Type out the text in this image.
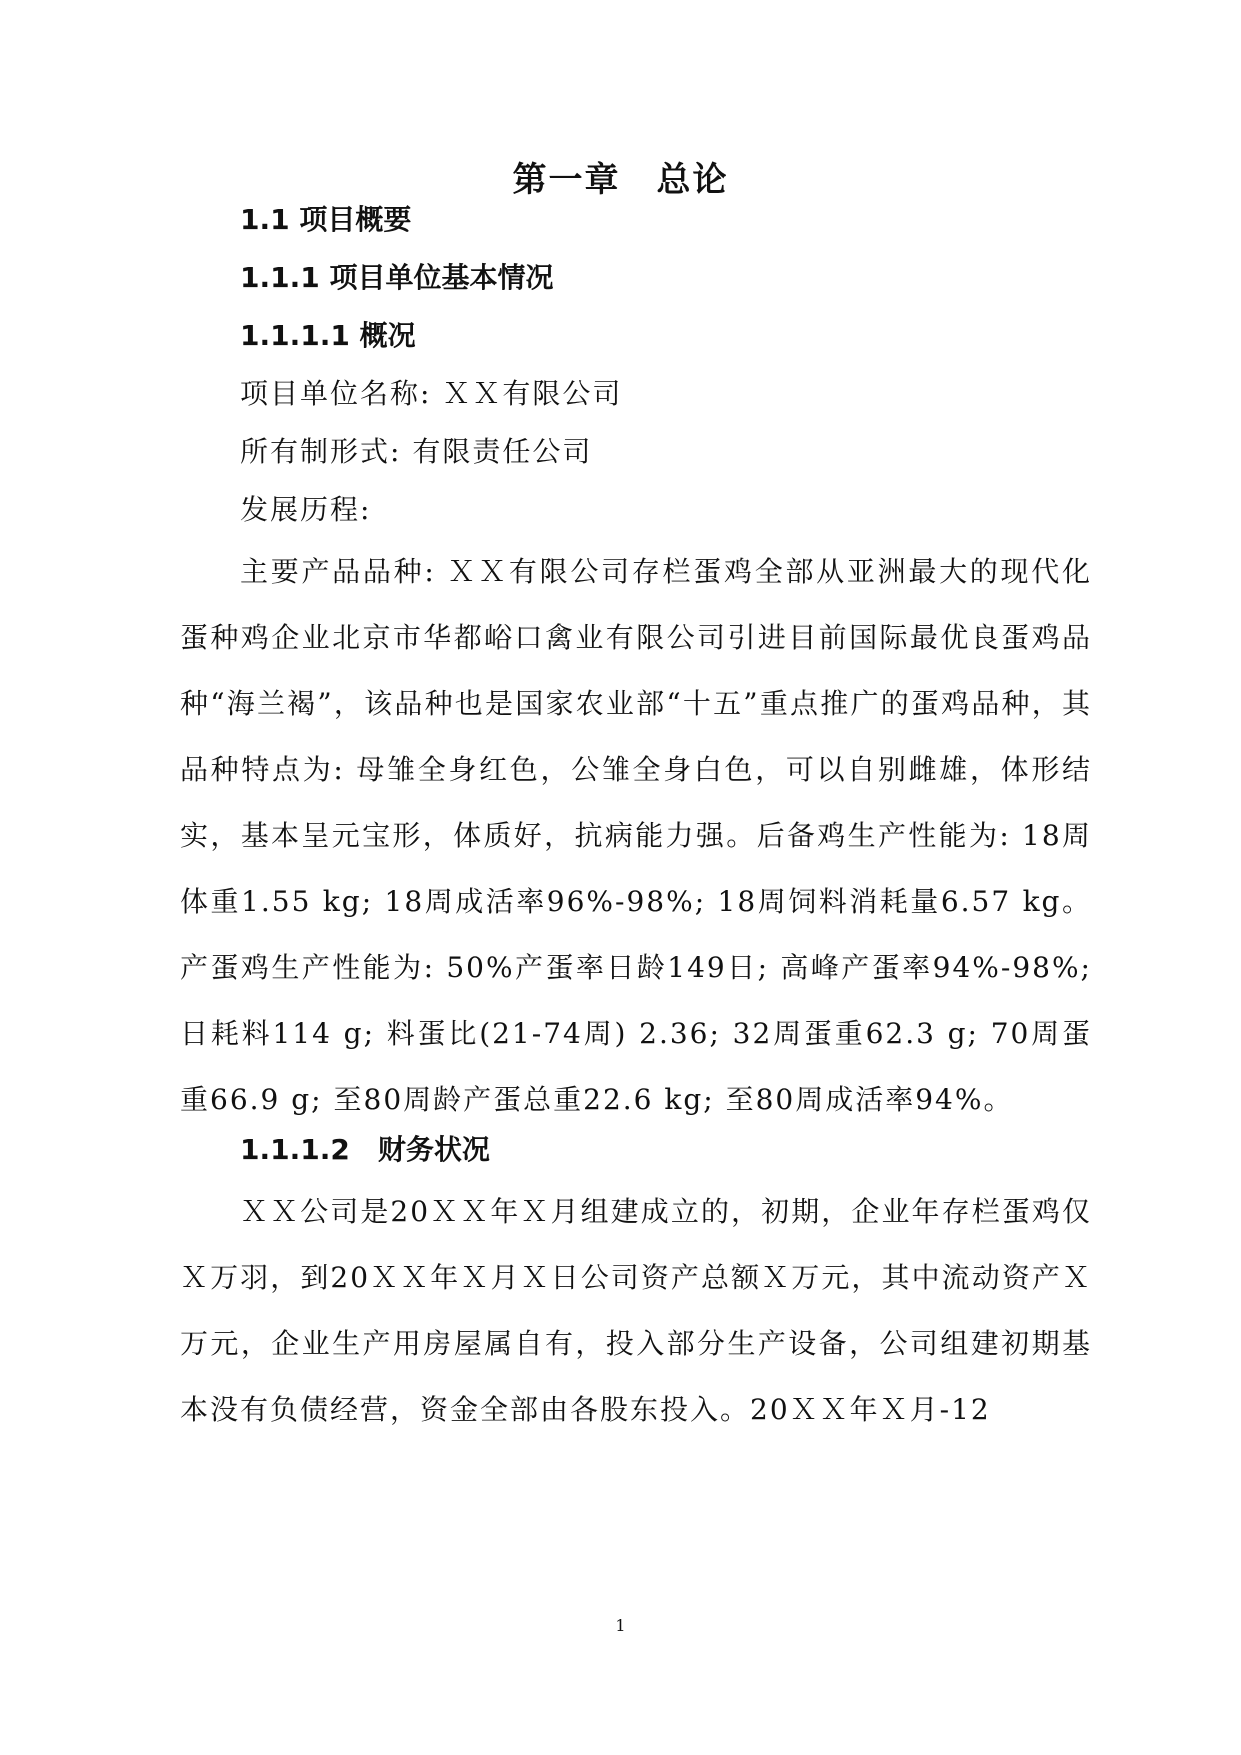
第一章　总论
1.1 项目概要
1.1.1 项目单位基本情况
1.1.1.1 概况

项目单位名称: ＸＸ有限公司

所有制形式: 有限责任公司

发展历程:

主要产品品种: ＸＸ有限公司存栏蛋鸡全部从亚洲最大的现代化蛋种鸡企业北京市华都峪口禽业有限公司引进目前国际最优良蛋鸡品种“海兰褐”，该品种也是国家农业部“十五”重点推广的蛋鸡品种，其品种特点为: 母雏全身红色，公雏全身白色，可以自别雌雄，体形结实，基本呈元宝形，体质好，抗病能力强。后备鸡生产性能为: 18周体重1.55 kg; 18周成活率96%-98%; 18周饲料消耗量6.57 kg。产蛋鸡生产性能为: 50%产蛋率日龄149日; 高峰产蛋率94%-98%; 日耗料114 g; 料蛋比(21-74周) 2.36; 32周蛋重62.3 g; 70周蛋重66.9 g; 至80周龄产蛋总重22.6 kg; 至80周成活率94%。

1.1.1.2　财务状况

ＸＸ公司是20ＸＸ年Ｘ月组建成立的，初期，企业年存栏蛋鸡仅Ｘ万羽，到20ＸＸ年Ｘ月Ｘ日公司资产总额Ｘ万元，其中流动资产Ｘ万元，企业生产用房屋属自有，投入部分生产设备，公司组建初期基本没有负债经营，资金全部由各股东投入。20ＸＸ年Ｘ月-12

1
